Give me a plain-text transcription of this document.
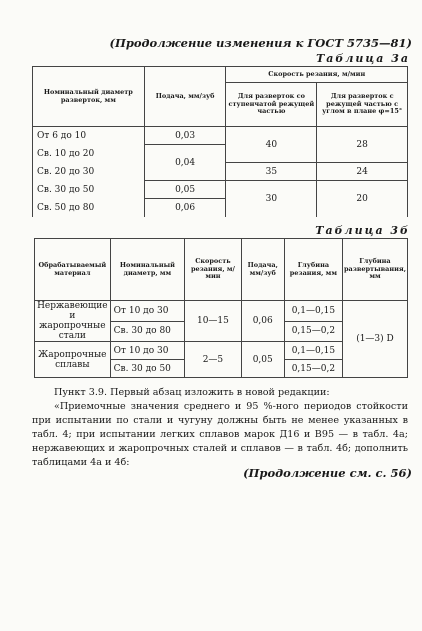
(Продолжение изменения к ГОСТ 5735—81)
Таблица 3а
Номинальный диаметр разверток, мм	Подача, мм/зуб	Скорость резания, м/мин	
		Для разверток со ступенчатой режущей частью	Для разверток с режущей частью с углом в плане φ=15°
От 6 до 10	0,03	40	28
Св. 10 до 20	0,04		
Св. 20 до 30		35	24
Св. 30 до 50	0,05	30	20
Св. 50 до 80	0,06		
Таблица 3б
Обрабатываемый материал	Номинальный диаметр, мм	Скорость резания, м/мин	Подача, мм/зуб	Глубина резания, мм	Глубина развертывания, мм
Нержавеющие и жаропрочные стали	От 10 до 30	10—15	0,06	0,1—0,15	(1—3) D
	Св. 30 до 80			0,15—0,2	
Жаропрочные сплавы	От 10 до 30	2—5	0,05	0,1—0,15	
	Св. 30 до 50			0,15—0,2	
Пункт 3.9. Первый абзац изложить в новой редакции:
«Приемочные значения среднего и 95 %-ного периодов стойкости при испытании по стали и чугуну должны быть не менее указанных в табл. 4; при испытании легких сплавов марок Д16 и В95 — в табл. 4а; нержавеющих и жаропрочных сталей и сплавов — в табл. 4б; дополнить таблицами 4а и 4б:
(Продолжение см. с. 56)
